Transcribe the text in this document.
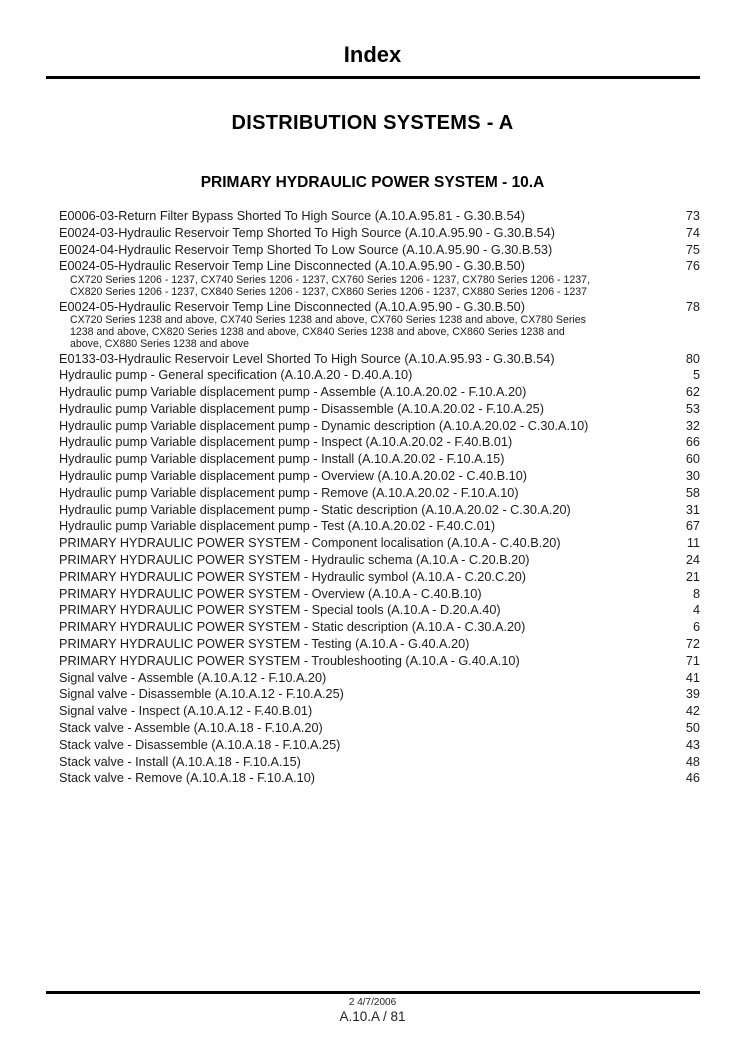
Index
DISTRIBUTION SYSTEMS - A
PRIMARY HYDRAULIC POWER SYSTEM - 10.A
E0006-03-Return Filter Bypass Shorted To High Source (A.10.A.95.81 - G.30.B.54)	73
E0024-03-Hydraulic Reservoir Temp Shorted To High Source (A.10.A.95.90 - G.30.B.54)	74
E0024-04-Hydraulic Reservoir Temp Shorted To Low Source (A.10.A.95.90 - G.30.B.53)	75
E0024-05-Hydraulic Reservoir Temp Line Disconnected (A.10.A.95.90 - G.30.B.50)	76
CX720 Series 1206 - 1237, CX740 Series 1206 - 1237, CX760 Series 1206 - 1237, CX780 Series 1206 - 1237,
CX820 Series 1206 - 1237, CX840 Series 1206 - 1237, CX860 Series 1206 - 1237, CX880 Series 1206 - 1237
E0024-05-Hydraulic Reservoir Temp Line Disconnected (A.10.A.95.90 - G.30.B.50)	78
CX720 Series 1238 and above, CX740 Series 1238 and above, CX760 Series 1238 and above, CX780 Series
1238 and above, CX820 Series 1238 and above, CX840 Series 1238 and above, CX860 Series 1238 and
above, CX880 Series 1238 and above
E0133-03-Hydraulic Reservoir Level Shorted To High Source (A.10.A.95.93 - G.30.B.54)	80
Hydraulic pump - General specification (A.10.A.20 - D.40.A.10)	5
Hydraulic pump Variable displacement pump - Assemble (A.10.A.20.02 - F.10.A.20)	62
Hydraulic pump Variable displacement pump - Disassemble (A.10.A.20.02 - F.10.A.25)	53
Hydraulic pump Variable displacement pump - Dynamic description (A.10.A.20.02 - C.30.A.10)	32
Hydraulic pump Variable displacement pump - Inspect (A.10.A.20.02 - F.40.B.01)	66
Hydraulic pump Variable displacement pump - Install (A.10.A.20.02 - F.10.A.15)	60
Hydraulic pump Variable displacement pump - Overview (A.10.A.20.02 - C.40.B.10)	30
Hydraulic pump Variable displacement pump - Remove (A.10.A.20.02 - F.10.A.10)	58
Hydraulic pump Variable displacement pump - Static description (A.10.A.20.02 - C.30.A.20)	31
Hydraulic pump Variable displacement pump - Test (A.10.A.20.02 - F.40.C.01)	67
PRIMARY HYDRAULIC POWER SYSTEM - Component localisation (A.10.A - C.40.B.20)	11
PRIMARY HYDRAULIC POWER SYSTEM - Hydraulic schema (A.10.A - C.20.B.20)	24
PRIMARY HYDRAULIC POWER SYSTEM - Hydraulic symbol (A.10.A - C.20.C.20)	21
PRIMARY HYDRAULIC POWER SYSTEM - Overview (A.10.A - C.40.B.10)	8
PRIMARY HYDRAULIC POWER SYSTEM - Special tools (A.10.A - D.20.A.40)	4
PRIMARY HYDRAULIC POWER SYSTEM - Static description (A.10.A - C.30.A.20)	6
PRIMARY HYDRAULIC POWER SYSTEM - Testing (A.10.A - G.40.A.20)	72
PRIMARY HYDRAULIC POWER SYSTEM - Troubleshooting (A.10.A - G.40.A.10)	71
Signal valve - Assemble (A.10.A.12 - F.10.A.20)	41
Signal valve - Disassemble (A.10.A.12 - F.10.A.25)	39
Signal valve - Inspect (A.10.A.12 - F.40.B.01)	42
Stack valve - Assemble (A.10.A.18 - F.10.A.20)	50
Stack valve - Disassemble (A.10.A.18 - F.10.A.25)	43
Stack valve - Install (A.10.A.18 - F.10.A.15)	48
Stack valve - Remove (A.10.A.18 - F.10.A.10)	46
2 4/7/2006
A.10.A / 81
